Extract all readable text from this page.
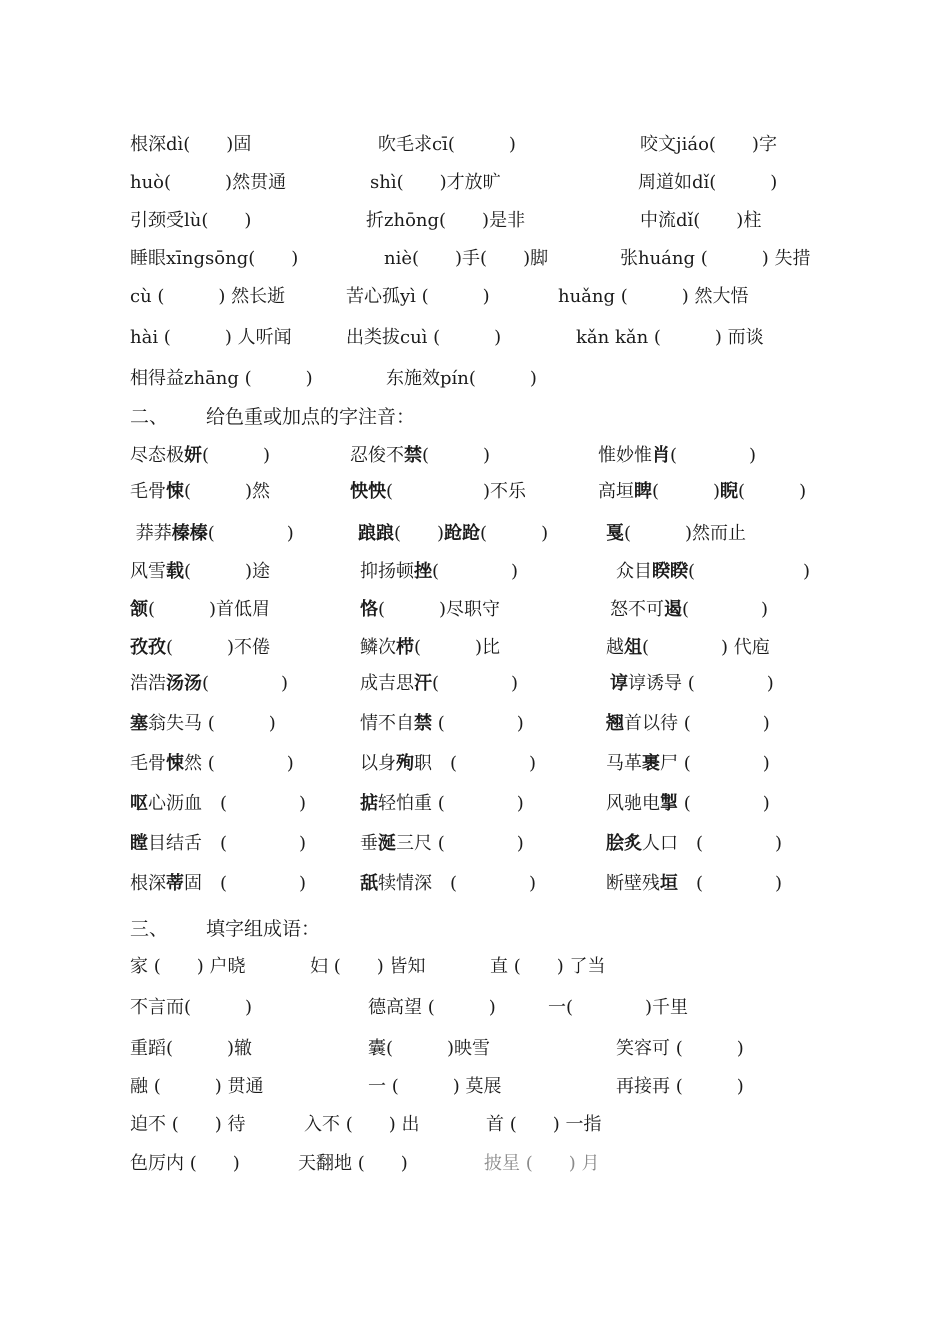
根深dì(　　)固	吹毛求cī(　　　)	咬文jiáo(　　)字
huò(　　　)然贯通	shì(　　)才放旷	周道如dǐ(　　　)
引颈受lù(　　)	折zhōng(　　)是非	中流dǐ(　　)柱
睡眼xīngsōng(　　)	niè(　　)手(　　)脚	张huáng (　　　) 失措
cù (　　　) 然长逝	苦心孤yì (　　　)	huǎng (　　　) 然大悟
hài (　　　) 人听闻	出类拔cuì (　　　)	kǎn kǎn (　　　) 而谈
相得益zhāng (　　　)	东施效pín(　　　)
二、 给色重或加点的字注音：
尽态极妍(　　　)	忍俊不禁(　　　)	惟妙惟肖(　　　　)
毛骨悚(　　　)然	怏怏(　　　　　)不乐	高垣睥(　　　)睨(　　　)
莽莽榛榛(　　　　)	踉踉(　　)跄跄(　　　)	戛(　　　)然而止
风雪载(　　　)途	抑扬顿挫(　　　　)	众目睽睽(　　　　　　)
颔(　　　)首低眉	恪(　　　)尽职守	怒不可遏(　　　　)
孜孜(　　　)不倦	鳞次栉(　　　)比	越俎(　　　　) 代庖
浩浩汤汤(　　　　)	成吉思汗(　　　　)	谆谆诱导 (　　　　)
塞翁失马 (　　　)	情不自禁 (　　　　)	翘首以待 (　　　　)
毛骨悚然 (　　　　)	以身殉职　(　　　　)	马革裹尸 (　　　　)
呕心沥血　(　　　　)	掂轻怕重 (　　　　)	风驰电掣 (　　　　)
瞠目结舌　(　　　　)	垂涎三尺 (　　　　)	脍炙人口　(　　　　)
根深蒂固　(　　　　)	舐犊情深　(　　　　)	断壁残垣　(　　　　)
三、 填字组成语：
家 (　　) 户晓	妇 (　　) 皆知	直 (　　) 了当
不言而(　　　)	德高望 (　　　)	一(　　　　)千里
重蹈(　　　)辙	囊(　　　)映雪	笑容可 (　　　)
融 (　　　) 贯通	一 (　　　) 莫展	再接再 (　　　)
迫不 (　　) 待	入不 (　　) 出	首 (　　) 一指
色厉内 (　　)	天翻地 (　　)	披星 (　　) 月
